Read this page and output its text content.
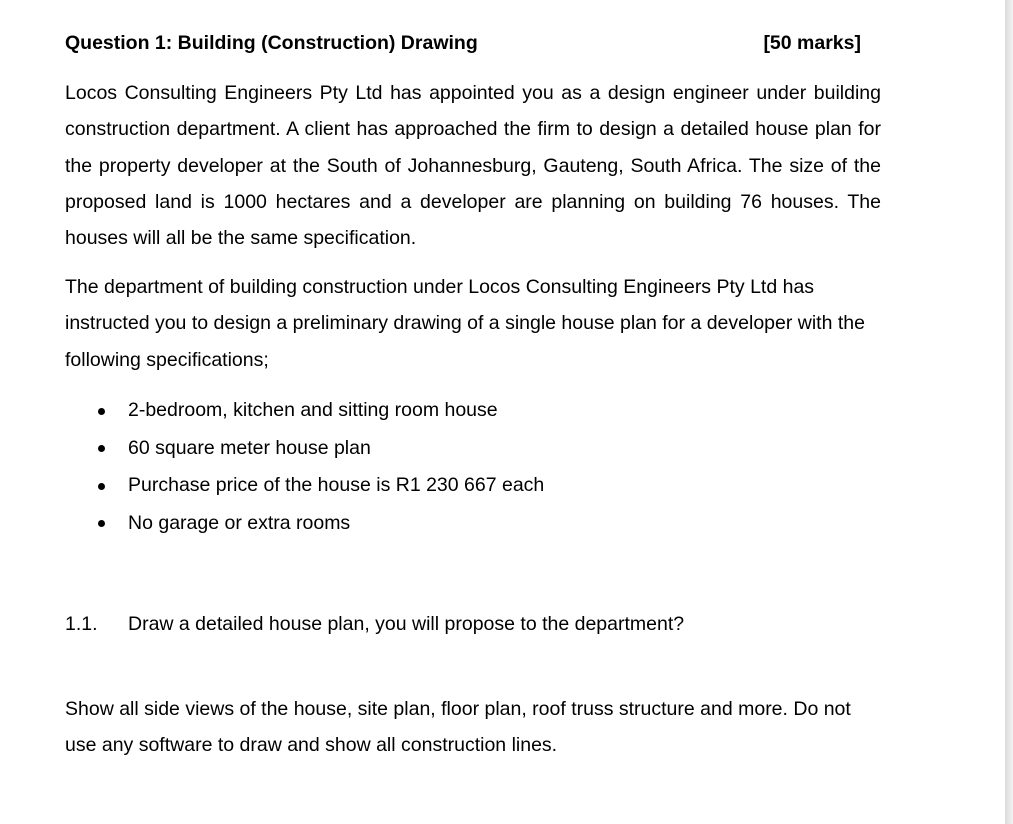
Question 1: Building (Construction) Drawing	[50 marks]

Locos Consulting Engineers Pty Ltd has appointed you as a design engineer under building construction department. A client has approached the firm to design a detailed house plan for the property developer at the South of Johannesburg, Gauteng, South Africa. The size of the proposed land is 1000 hectares and a developer are planning on building 76 houses. The houses will all be the same specification.

The department of building construction under Locos Consulting Engineers Pty Ltd has instructed you to design a preliminary drawing of a single house plan for a developer with the following specifications;

2-bedroom, kitchen and sitting room house
60 square meter house plan
Purchase price of the house is R1 230 667 each
No garage or extra rooms
1.1. Draw a detailed house plan, you will propose to the department?

Show all side views of the house, site plan, floor plan, roof truss structure and more. Do not use any software to draw and show all construction lines.
